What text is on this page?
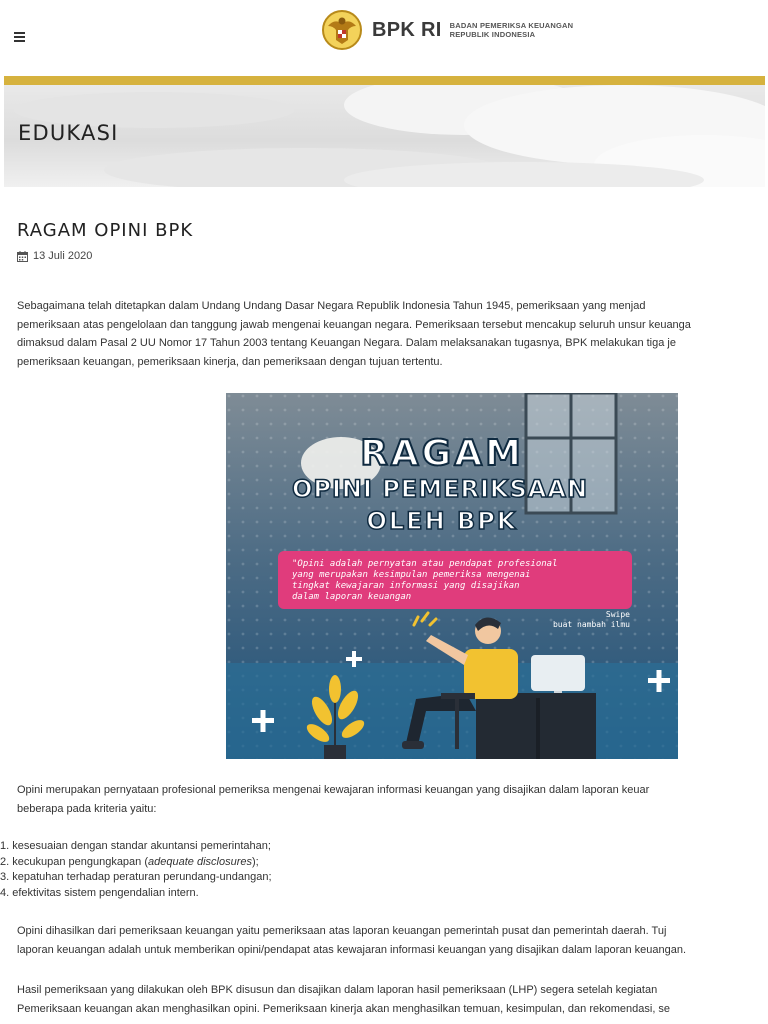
BPK RI BADAN PEMERIKSA KEUANGAN
REPUBLIK INDONESIA
EDUKASI
RAGAM OPINI BPK
13 Juli 2020
Sebagaimana telah ditetapkan dalam Undang Undang Dasar Negara Republik Indonesia Tahun 1945, pemeriksaan yang menjad
pemeriksaan atas pengelolaan dan tanggung jawab mengenai keuangan negara. Pemeriksaan tersebut mencakup seluruh unsur keuanga
dimaksud dalam Pasal 2 UU Nomor 17 Tahun 2003 tentang Keuangan Negara. Dalam melaksanakan tugasnya, BPK melakukan tiga je
pemeriksaan keuangan, pemeriksaan kinerja, dan pemeriksaan dengan tujuan tertentu.
RAGAM
OPINI PEMERIKSAAN
OLEH BPK
"Opini adalah pernyatan atau pendapat profesional
yang merupakan kesimpulan pemeriksa mengenai
tingkat kewajaran informasi yang disajikan
dalam laporan keuangan
Swipe
buat nambah ilmu
Opini merupakan pernyataan profesional pemeriksa mengenai kewajaran informasi keuangan yang disajikan dalam laporan keuar
beberapa pada kriteria yaitu:
1. kesesuaian dengan standar akuntansi pemerintahan;
2. kecukupan pengungkapan (adequate disclosures);
3. kepatuhan terhadap peraturan perundang-undangan;
4. efektivitas sistem pengendalian intern.
Opini dihasilkan dari pemeriksaan keuangan yaitu pemeriksaan atas laporan keuangan pemerintah pusat dan pemerintah daerah. Tuj
laporan keuangan adalah untuk memberikan opini/pendapat atas kewajaran informasi keuangan yang disajikan dalam laporan keuangan.
Hasil pemeriksaan yang dilakukan oleh BPK disusun dan disajikan dalam laporan hasil pemeriksaan (LHP) segera setelah kegiatan
Pemeriksaan keuangan akan menghasilkan opini. Pemeriksaan kinerja akan menghasilkan temuan, kesimpulan, dan rekomendasi, se
